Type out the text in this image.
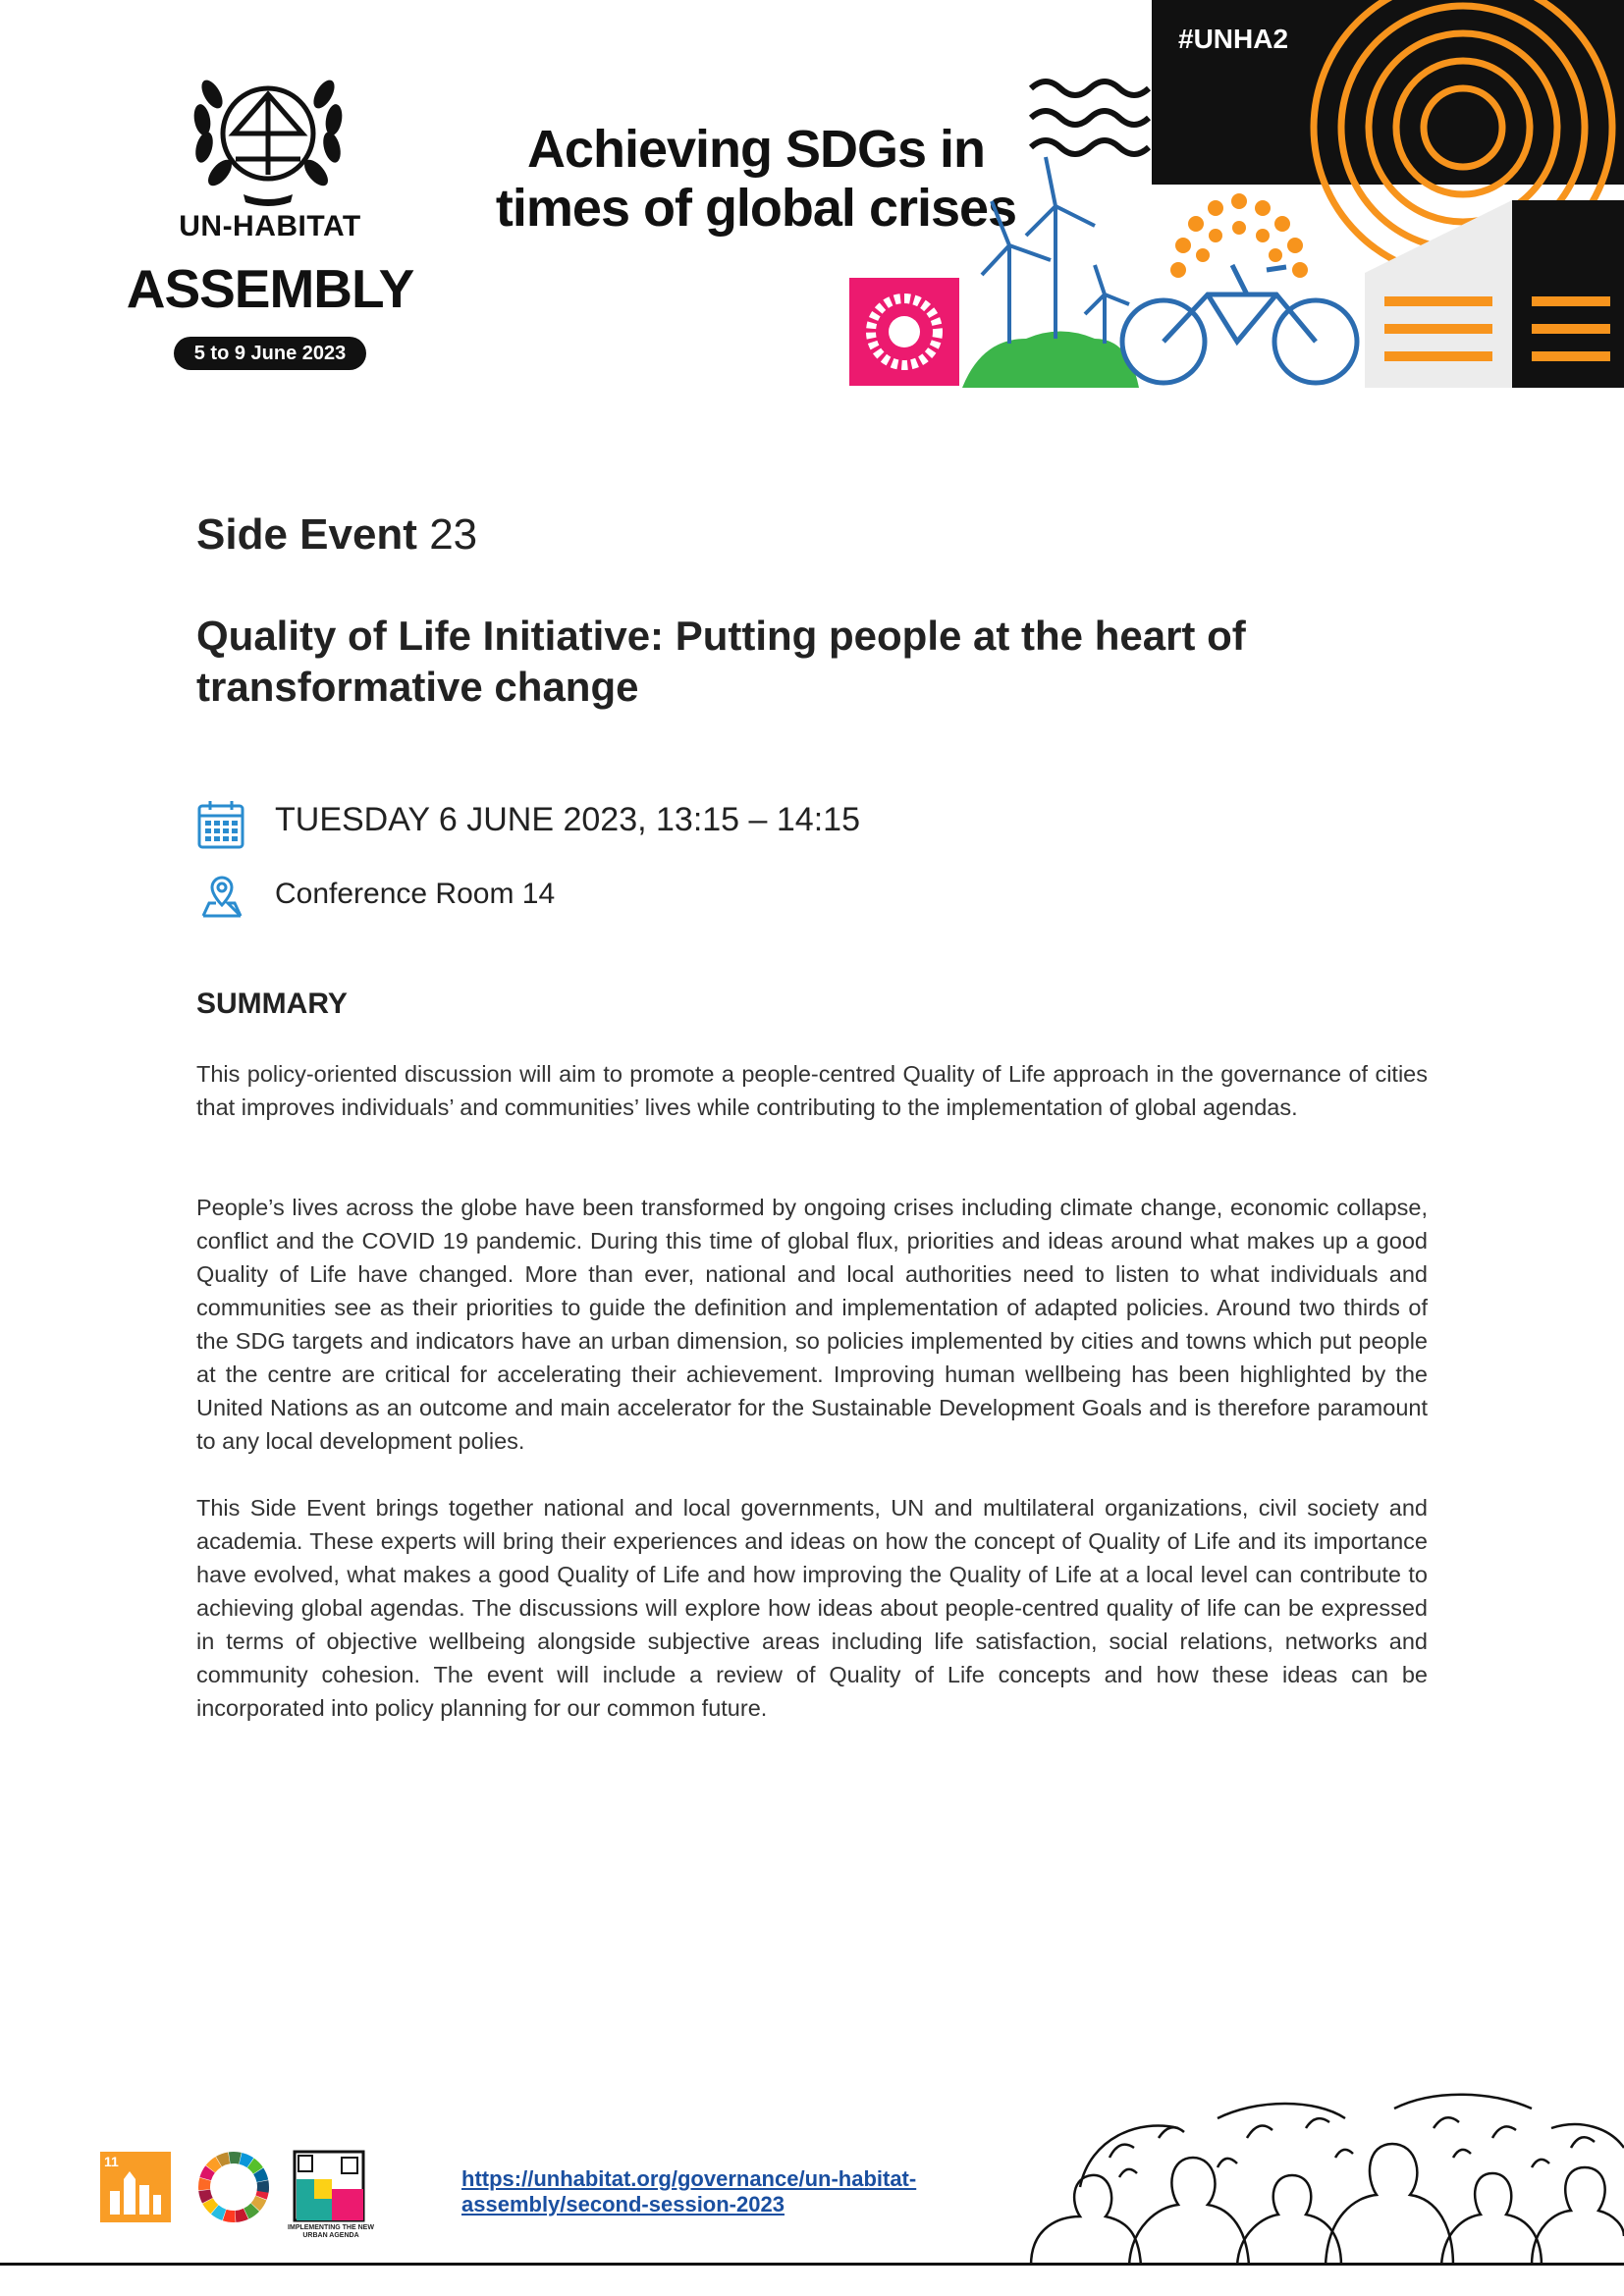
UN-HABITAT
ASSEMBLY
5 to 9 June 2023
Achieving SDGs in
times of global crises
#UNHA2
Side Event 23
Quality of Life Initiative: Putting people at the heart of transformative change
TUESDAY 6 JUNE 2023, 13:15 – 14:15
Conference Room 14
SUMMARY
This policy-oriented discussion will aim to promote a people-centred Quality of Life approach in the governance of cities that improves individuals’ and communities’ lives while contributing to the implementation of global agendas.
People’s lives across the globe have been transformed by ongoing crises including climate change, economic collapse, conflict and the COVID 19 pandemic. During this time of global flux, priorities and ideas around what makes up a good Quality of Life have changed. More than ever, national and local authorities need to listen to what individuals and communities see as their priorities to guide the definition and implementation of adapted policies. Around two thirds of the SDG targets and indicators have an urban dimension, so policies implemented by cities and towns which put people at the centre are critical for accelerating their achievement. Improving human wellbeing has been highlighted by the United Nations as an outcome and main accelerator for the Sustainable Development Goals and is therefore paramount to any local development polies.
This Side Event brings together national and local governments, UN and multilateral organizations, civil society and academia. These experts will bring their experiences and ideas on how the concept of Quality of Life and its importance have evolved, what makes a good Quality of Life and how improving the Quality of Life at a local level can contribute to achieving global agendas. The discussions will explore how ideas about people-centred quality of life can be expressed in terms of objective wellbeing alongside subjective areas including life satisfaction, social relations, networks and community cohesion. The event will include a review of Quality of Life concepts and how these ideas can be incorporated into policy planning for our common future.
11
IMPLEMENTING THE NEW URBAN AGENDA
https://unhabitat.org/governance/un-habitat-
assembly/second-session-2023
